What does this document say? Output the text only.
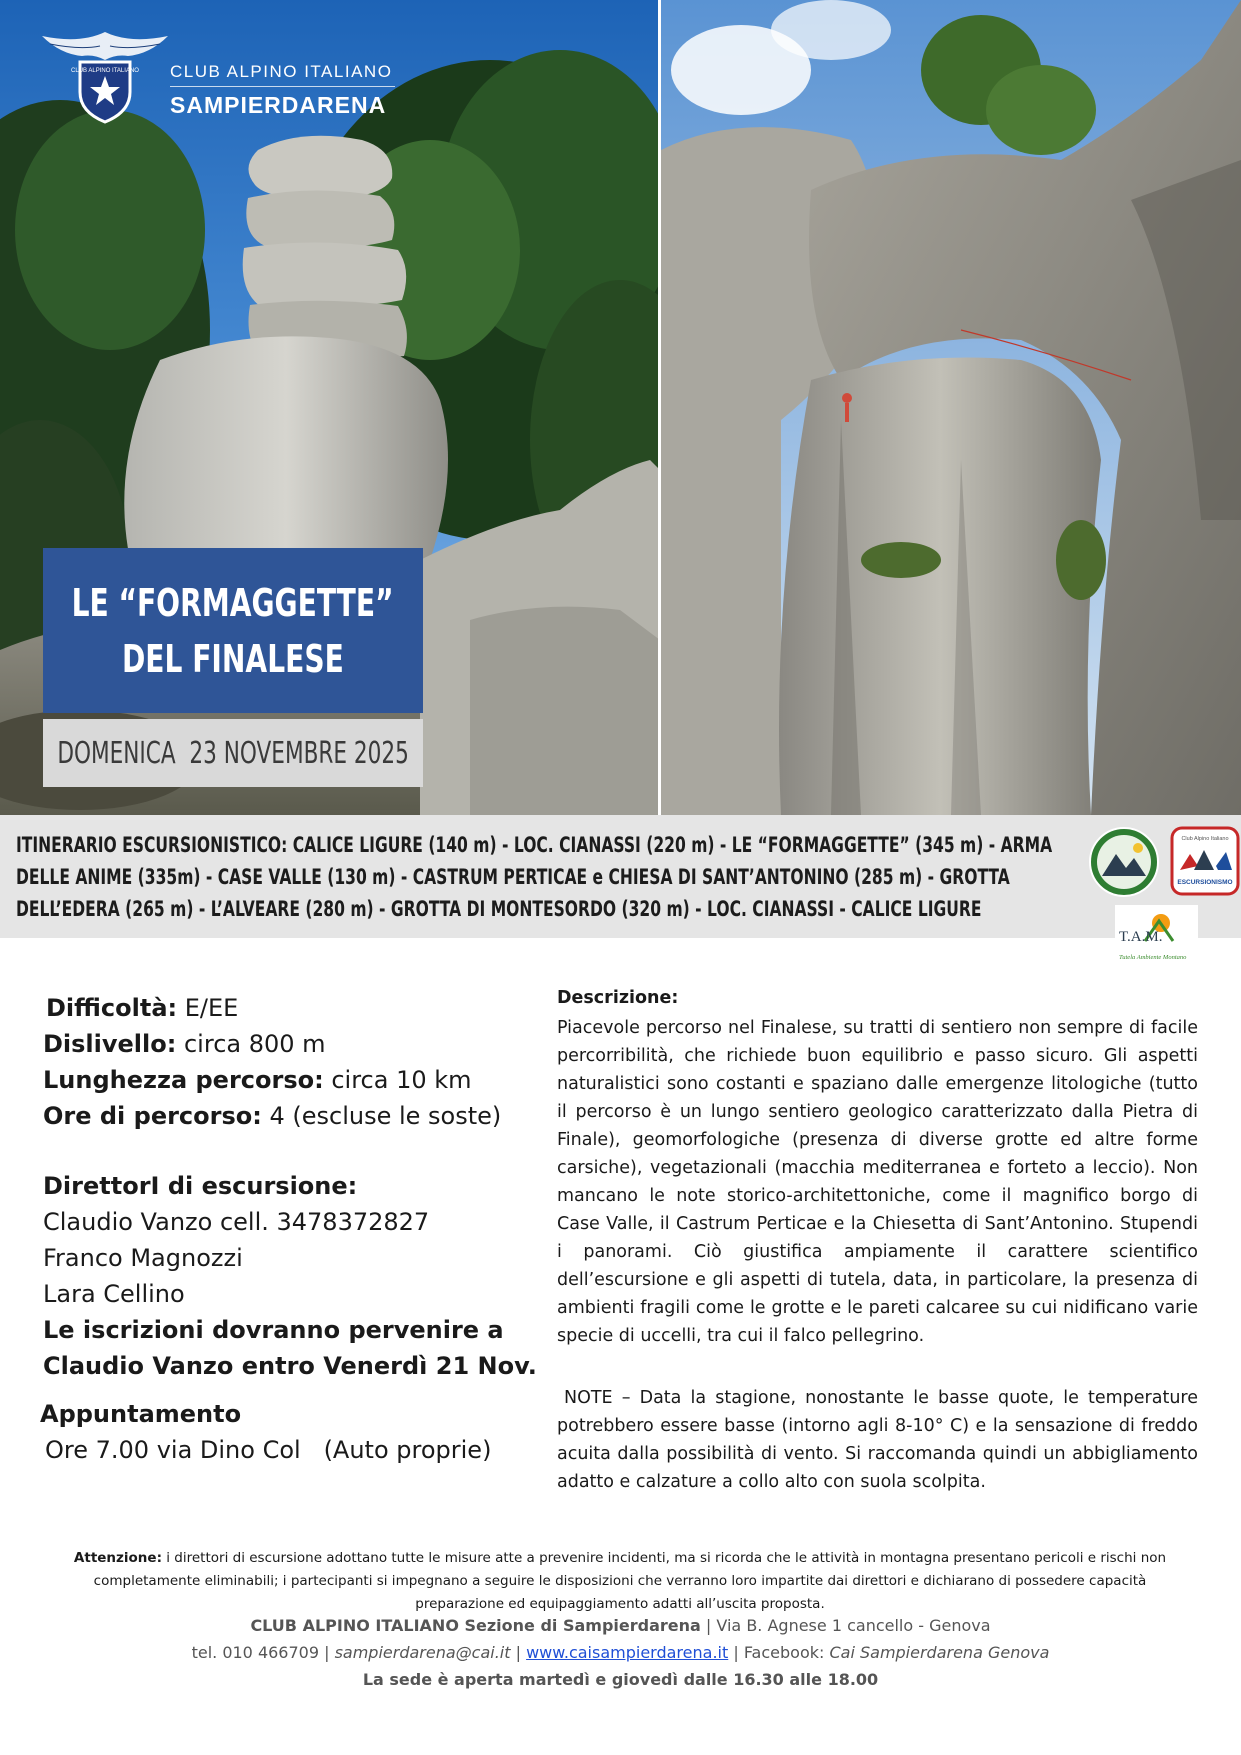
CLUB ALPINO ITALIANO CLUB ALPINO ITALIANO
SAMPIERDARENA
LE “FORMAGGETTE”
DEL FINALESE
DOMENICA  23 NOVEMBRE 2025
ITINERARIO ESCURSIONISTICO: CALICE LIGURE (140 m) - LOC. CIANASSI (220 m) - LE “FORMAGGETTE” (345 m) - ARMA DELLE ANIME (335m) - CASE VALLE (130 m) - CASTRUM PERTICAE e CHIESA DI SANT’ANTONINO (285 m) - GROTTA DELL’EDERA (265 m) - L’ALVEARE (280 m) - GROTTA DI MONTESORDO (320 m) - LOC. CIANASSI - CALICE LIGURE
Club Alpino Italiano
ESCURSIONISMO
T.A.M.
Tutela Ambiente Montano
Difficoltà: E/EE
Dislivello: circa 800 m
Lunghezza percorso: circa 10 km
Ore di percorso: 4 (escluse le soste)
DirettorI di escursione:
Claudio Vanzo cell. 3478372827
Franco Magnozzi
Lara Cellino
Le iscrizioni dovranno pervenire a
Claudio Vanzo entro Venerdì 21 Nov.
Appuntamento
Ore 7.00 via Dino Col   (Auto proprie)
Descrizione:
Piacevole percorso nel Finalese, su tratti di sentiero non sempre di facile percorribilità, che richiede buon equilibrio e passo sicuro. Gli aspetti naturalistici sono costanti e spaziano dalle emergenze litologiche (tutto il percorso è un lungo sentiero geologico caratterizzato dalla Pietra di Finale), geomorfologiche (presenza di diverse grotte ed altre forme carsiche), vegetazionali (macchia mediterranea e forteto a leccio). Non mancano le note storico-architettoniche, come il magnifico borgo di Case Valle, il Castrum Perticae e la Chiesetta di Sant’Antonino. Stupendi i panorami. Ciò giustifica ampiamente il carattere scientifico dell’escursione e gli aspetti di tutela, data, in particolare, la presenza di ambienti fragili come le grotte e le pareti calcaree su cui nidificano varie specie di uccelli, tra cui il falco pellegrino.
NOTE – Data la stagione, nonostante le basse quote, le temperature potrebbero essere basse (intorno agli 8-10° C) e la sensazione di freddo acuita dalla possibilità di vento. Si raccomanda quindi un abbigliamento adatto e calzature a collo alto con suola scolpita.
Attenzione: i direttori di escursione adottano tutte le misure atte a prevenire incidenti, ma si ricorda che le attività in montagna presentano pericoli e rischi non completamente eliminabili; i partecipanti si impegnano a seguire le disposizioni che verranno loro impartite dai direttori e dichiarano di possedere capacità preparazione ed equipaggiamento adatti all’uscita proposta.
CLUB ALPINO ITALIANO Sezione di Sampierdarena | Via B. Agnese 1 cancello - Genova
tel. 010 466709 | sampierdarena@cai.it | www.caisampierdarena.it | Facebook: Cai Sampierdarena Genova
La sede è aperta martedì e giovedì dalle 16.30 alle 18.00
